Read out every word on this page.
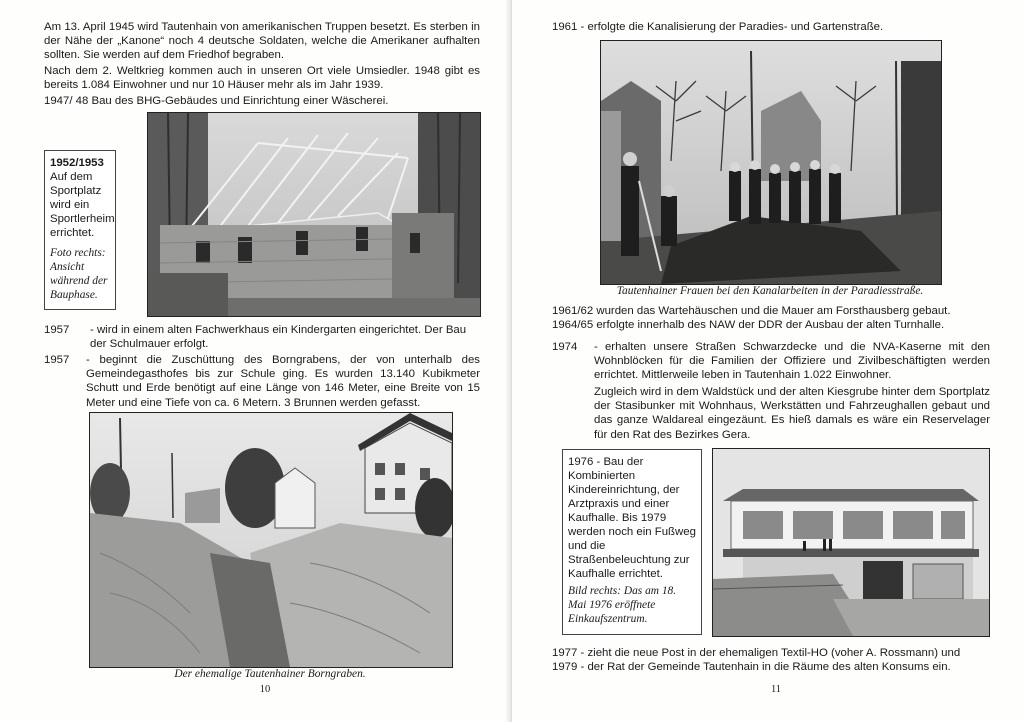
Am 13. April 1945 wird Tautenhain von amerikanischen Truppen besetzt. Es sterben in der Nähe der „Kanone“ noch 4 deutsche Soldaten, welche die Amerikaner aufhalten sollten. Sie werden auf dem Friedhof begraben.

Nach dem 2. Weltkrieg kommen auch in unseren Ort viele Umsiedler. 1948 gibt es bereits 1.084 Einwohner und nur 10 Häuser mehr als im Jahr 1939.

1947/ 48 Bau des BHG-Gebäudes und Einrichtung einer Wäscherei.

1952/1953
Auf dem Sportplatz wird ein Sportlerheim errichtet.
Foto rechts: Ansicht während der Bauphase.
1957 - wird in einem alten Fachwerkhaus ein Kindergarten eingerichtet. Der Bau der Schulmauer erfolgt.
1957 - beginnt die Zuschüttung des Borngrabens, der von unterhalb des Gemeindegasthofes bis zur Schule ging. Es wurden 13.140 Kubikmeter Schutt und Erde benötigt auf eine Länge von 146 Meter, eine Breite von 15 Meter und eine Tiefe von ca. 6 Metern. 3 Brunnen werden gefasst.
Der ehemalige Tautenhainer Borngraben.
10

1961 - erfolgte die Kanalisierung der Paradies- und Gartenstraße.

Tautenhainer Frauen bei den Kanalarbeiten in der Paradiesstraße.

1961/62 wurden das Wartehäuschen und die Mauer am Forsthausberg gebaut.

1964/65 erfolgte innerhalb des NAW der DDR der Ausbau der alten Turnhalle.

1974 - erhalten unsere Straßen Schwarzdecke und die NVA-Kaserne mit den Wohnblöcken für die Familien der Offiziere und Zivilbeschäftigten werden errichtet. Mittlerweile leben in Tautenhain 1.022 Einwohner.
Zugleich wird in dem Waldstück und der alten Kiesgrube hinter dem Sportplatz der Stasibunker mit Wohnhaus, Werkstätten und Fahrzeughallen gebaut und das ganze Waldareal eingezäunt. Es hieß damals es wäre ein Reservelager für den Rat des Bezirkes Gera.
1976 - Bau der Kombinierten Kindereinrichtung, der Arztpraxis und einer Kaufhalle. Bis 1979 werden noch ein Fußweg und die Straßenbeleuchtung zur Kaufhalle errichtet.
Bild rechts: Das am 18. Mai 1976 eröffnete Einkaufszentrum.

1977 - zieht die neue Post in der ehemaligen Textil-HO (voher A. Rossmann) und

1979 - der Rat der Gemeinde Tautenhain in die Räume des alten Konsums ein.

11
